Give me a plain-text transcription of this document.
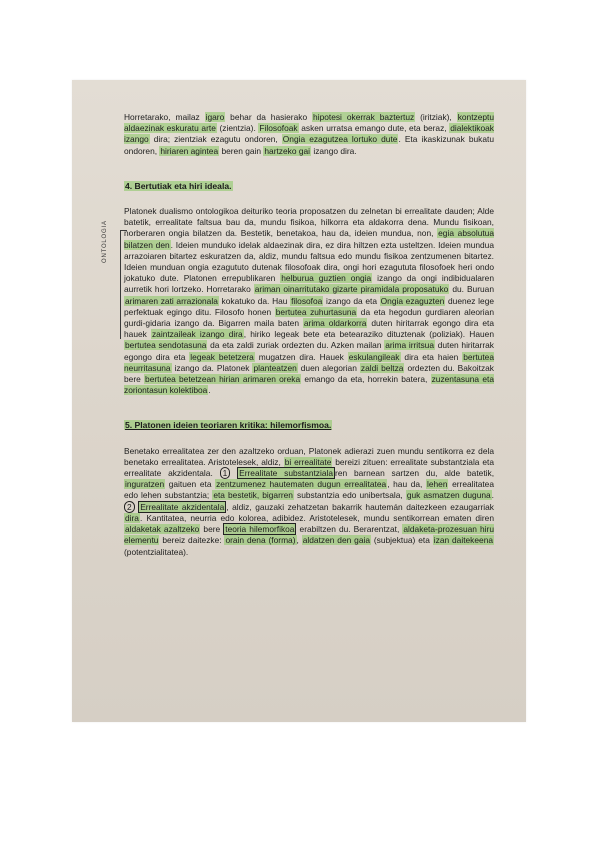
ONTOLOGIA

Horretarako, mailaz igaro behar da hasierako hipotesi okerrak baztertuz (iritziak), kontzeptu aldaezinak eskuratu arte (zientzia). Filosofoak asken urratsa emango dute, eta beraz, dialektikoak izango dira; zientziak ezagutu ondoren, Ongia ezagutzea lortuko dute. Eta ikaskizunak bukatu ondoren, hiriaren agintea beren gain hartzeko gai izango dira.

4. Bertutiak eta hiri ideala.

Platonek dualismo ontologikoa deituriko teoria proposatzen du zelnetan bi errealitate dauden; Alde batetik, errealitate faltsua bau da, mundu fisikoa, hilkorra eta aldakorra dena. Mundu fisikoan, norberaren ongia bilatzen da. Bestetik, benetakoa, hau da, ideien mundua, non, egia absolutua bilatzen den. Ideien munduko idelak aldaezinak dira, ez dira hiltzen ezta usteltzen. Ideien mundua arrazoiaren bitartez eskuratzen da, aldiz, mundu faltsua edo mundu fisikoa zentzumenen bitartez. Ideien munduan ongia ezagututo dutenak filosofoak dira, ongi hori ezagututa filosofoek heri ondo jokatuko dute. Platonen errepublikaren helburua guztien ongia izango da ongi indibidualaren aurretik hori lortzeko. Horretarako ariman oinarritutako gizarte piramidala proposatuko du. Buruan arimaren zati arrazionala kokatuko da. Hau filosofoa izango da eta Ongia ezaguzten duenez lege perfektuak egingo ditu. Filosofo honen bertutea zuhurtasuna da eta hegodun gurdiaren aleorian gurdi-gidaria izango da. Bigarren maila baten arima oldarkorra duten hiritarrak egongo dira eta hauek zaintzaileak izango dira, hiriko legeak bete eta betearaziko dituztenak (poliziak). Hauen bertutea sendotasuna da eta zaldi zuriak ordezten du. Azken mailan arima irritsua duten hiritarrak egongo dira eta legeak betetzera mugatzen dira. Hauek eskulangileak dira eta haien bertutea neurritasuna izango da. Platonek planteatzen duen alegorian zaldi beltza ordezten du. Bakoitzak bere bertutea betetzean hirian arimaren oreka emango da eta, horrekin batera, zuzentasuna eta zoriontasun kolektiboa.

5. Platonen ideien teoriaren kritika: hilemorfismoa.

Benetako errealitatea zer den azaltzeko orduan, Platonek adierazi zuen mundu sentikorra ez dela benetako errealitatea. Aristotelesek, aldiz, bi errealitate bereizi zituen: errealitate substantziala eta errealitate akzidentala. 1 Errealitate substantziala ren barnean sartzen du, alde batetik, inguratzen gaituen eta zentzumenez hautematen dugun errealitatea, hau da, lehen errealitatea edo lehen substantzia; eta bestetik, bigarren substantzia edo unibertsala, guk asmatzen duguna. 2 Errealitate akzidentala , aldiz, gauzaki zehatzetan bakarrik hautemán daitezkeen ezaugarriak dira. Kantitatea, neurria edo kolorea, adibidez. Aristotelesek, mundu sentikorrean ematen diren aldaketak azaltzeko bere teoria hilemorfikoa erabiltzen du. Berarentzat, aldaketa-prozesuan hiru elementu bereiz daitezke: orain dena (forma), aldatzen den gaia (subjektua) eta izan daitekeena (potentzialitatea).
